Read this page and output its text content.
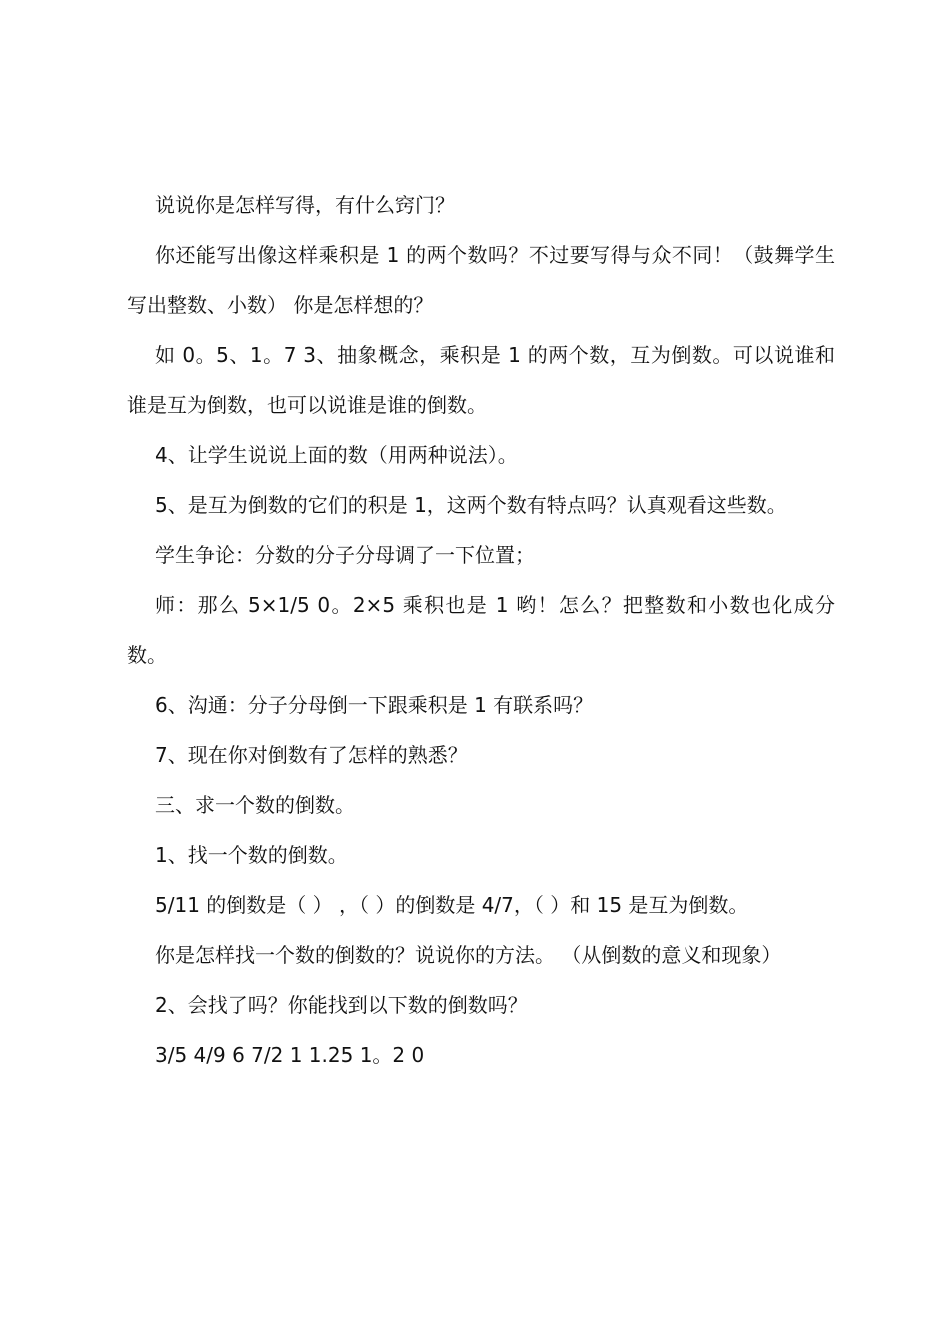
说说你是怎样写得，有什么窍门？

你还能写出像这样乘积是 1 的两个数吗？不过要写得与众不同！（鼓舞学生写出整数、小数） 你是怎样想的？

如 0。5、1。7 3、抽象概念，乘积是 1 的两个数，互为倒数。可以说谁和谁是互为倒数，也可以说谁是谁的倒数。

4、让学生说说上面的数（用两种说法）。

5、是互为倒数的它们的积是 1，这两个数有特点吗？认真观看这些数。

学生争论：分数的分子分母调了一下位置；

师：那么 5×1/5 0。2×5 乘积也是 1 哟！怎么？把整数和小数也化成分数。

6、沟通：分子分母倒一下跟乘积是 1 有联系吗？

7、现在你对倒数有了怎样的熟悉？

三、求一个数的倒数。

1、找一个数的倒数。

5/11 的倒数是（ ） ，（ ）的倒数是 4/7，（ ）和 15 是互为倒数。

你是怎样找一个数的倒数的？说说你的方法。 （从倒数的意义和现象）

2、会找了吗？你能找到以下数的倒数吗？

3/5 4/9 6 7/2 1 1.25 1。2 0
